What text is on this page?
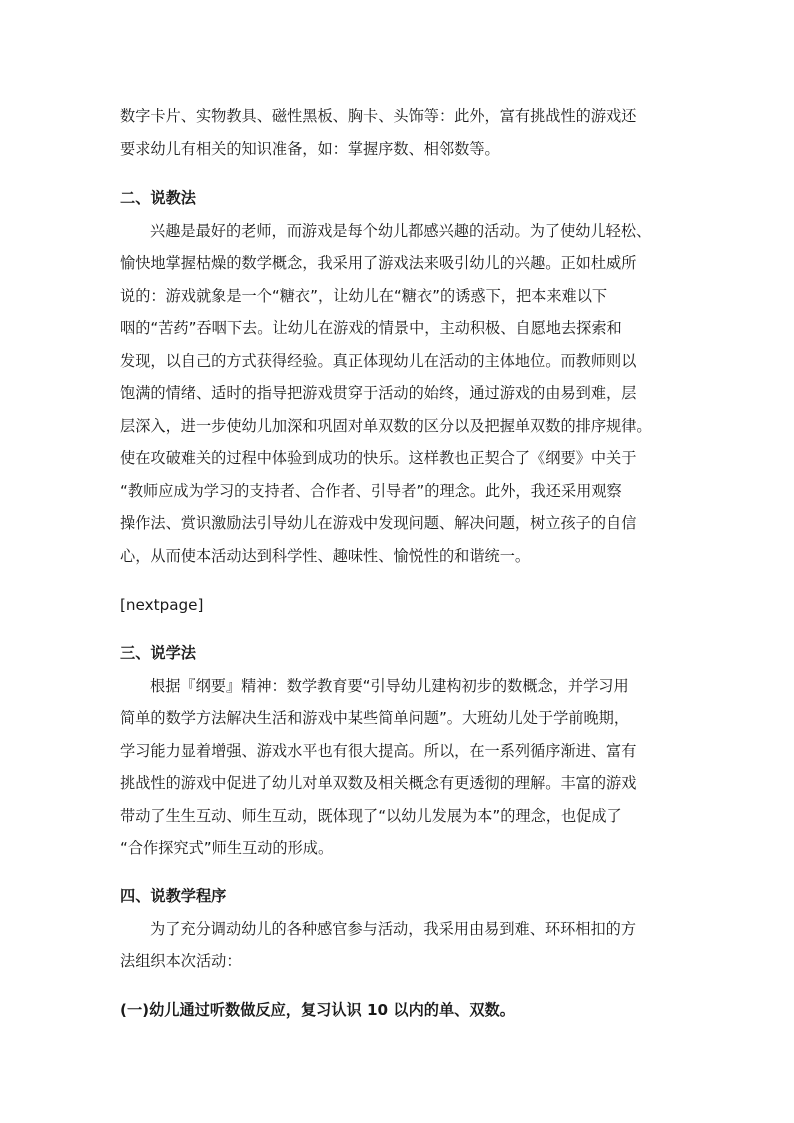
数字卡片、实物教具、磁性黑板、胸卡、头饰等：此外，富有挑战性的游戏还
要求幼儿有相关的知识准备，如：掌握序数、相邻数等。
二、说教法
兴趣是最好的老师，而游戏是每个幼儿都感兴趣的活动。为了使幼儿轻松、
愉快地掌握枯燥的数学概念，我采用了游戏法来吸引幼儿的兴趣。正如杜威所
说的：游戏就象是一个“糖衣”，让幼儿在“糖衣”的诱惑下，把本来难以下
咽的“苦药”吞咽下去。让幼儿在游戏的情景中，主动积极、自愿地去探索和
发现，以自己的方式获得经验。真正体现幼儿在活动的主体地位。而教师则以
饱满的情绪、适时的指导把游戏贯穿于活动的始终，通过游戏的由易到难，层
层深入，进一步使幼儿加深和巩固对单双数的区分以及把握单双数的排序规律。
使在攻破难关的过程中体验到成功的快乐。这样教也正契合了《纲要》中关于
“教师应成为学习的支持者、合作者、引导者”的理念。此外，我还采用观察
操作法、赏识激励法引导幼儿在游戏中发现问题、解决问题，树立孩子的自信
心，从而使本活动达到科学性、趣味性、愉悦性的和谐统一。
[nextpage]
三、说学法
根据『纲要』精神：数学教育要“引导幼儿建构初步的数概念，并学习用
简单的数学方法解决生活和游戏中某些简单问题”。大班幼儿处于学前晚期，
学习能力显着增强、游戏水平也有很大提高。所以，在一系列循序渐进、富有
挑战性的游戏中促进了幼儿对单双数及相关概念有更透彻的理解。丰富的游戏
带动了生生互动、师生互动，既体现了“以幼儿发展为本”的理念，也促成了
“合作探究式”师生互动的形成。
四、说教学程序
为了充分调动幼儿的各种感官参与活动，我采用由易到难、环环相扣的方
法组织本次活动：
(一)幼儿通过听数做反应，复习认识 10 以内的单、双数。
